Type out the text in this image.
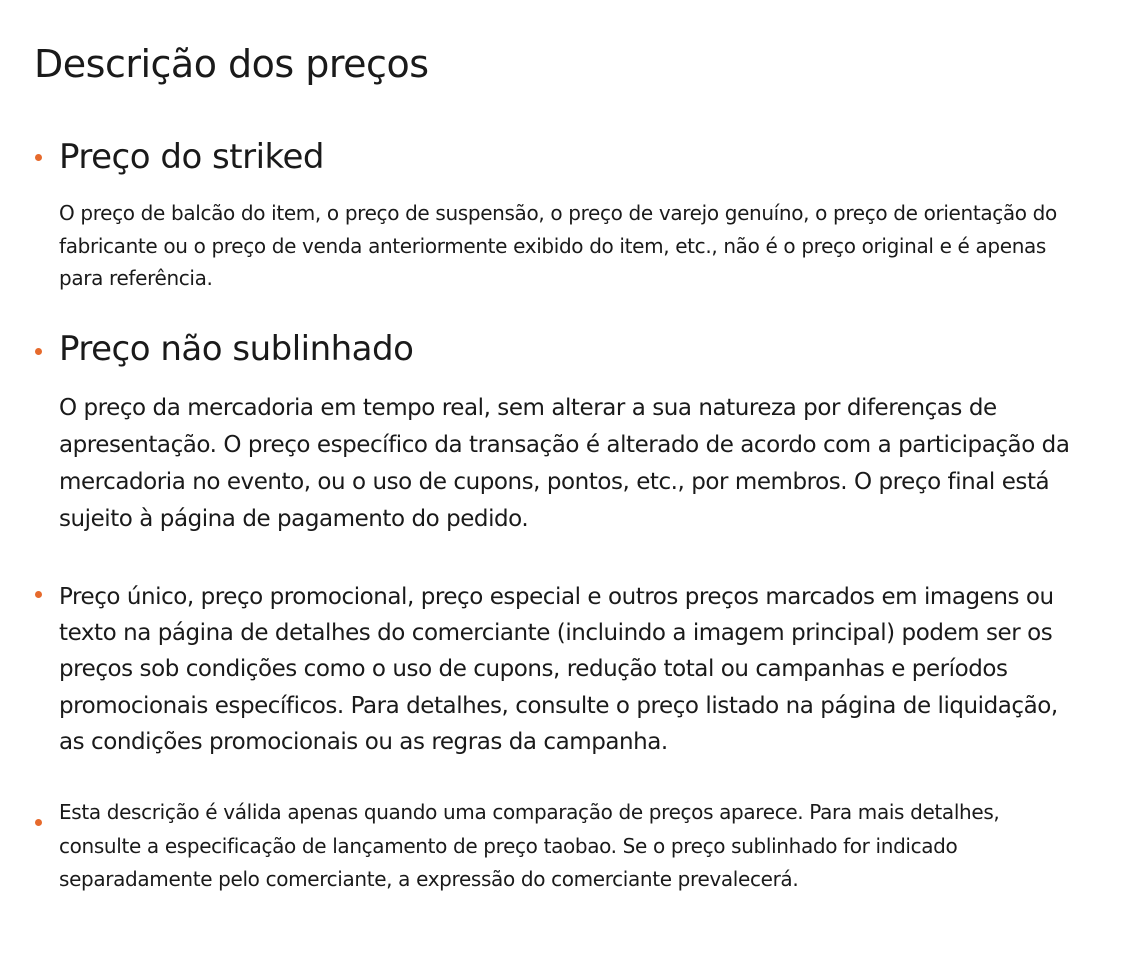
Descrição dos preços
Preço do striked

O preço de balcão do item, o preço de suspensão, o preço de varejo genuíno, o preço de orientação do fabricante ou o preço de venda anteriormente exibido do item, etc., não é o preço original e é apenas para referência.

Preço não sublinhado

O preço da mercadoria em tempo real, sem alterar a sua natureza por diferenças de apresentação. O preço específico da transação é alterado de acordo com a participação da mercadoria no evento, ou o uso de cupons, pontos, etc., por membros. O preço final está sujeito à página de pagamento do pedido.

Preço único, preço promocional, preço especial e outros preços marcados em imagens ou texto na página de detalhes do comerciante (incluindo a imagem principal) podem ser os preços sob condições como o uso de cupons, redução total ou campanhas e períodos promocionais específicos. Para detalhes, consulte o preço listado na página de liquidação, as condições promocionais ou as regras da campanha.

Esta descrição é válida apenas quando uma comparação de preços aparece. Para mais detalhes, consulte a especificação de lançamento de preço taobao. Se o preço sublinhado for indicado separadamente pelo comerciante, a expressão do comerciante prevalecerá.
